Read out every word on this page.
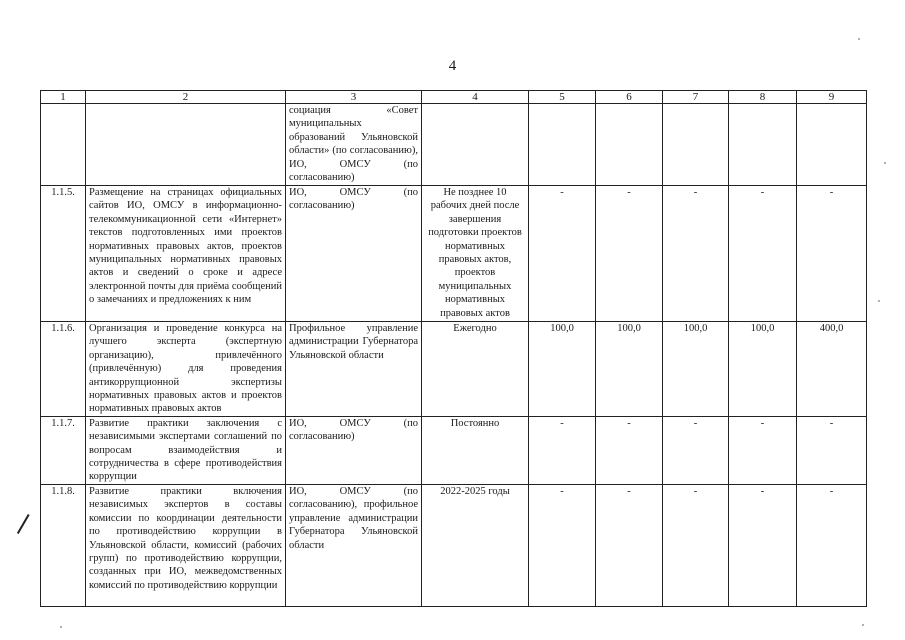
4
1	2	3	4	5	6	7	8	9
		социация «Совет муниципальных образований Ульяновской области» (по согласованию), ИО, ОМСУ (по согласованию)						
1.1.5.	Размещение на страницах официальных сайтов ИО, ОМСУ в информационно-телекоммуникационной сети «Интернет» текстов подготовленных ими проектов нормативных правовых актов, проектов муниципальных нормативных правовых актов и сведений о сроке и адресе электронной почты для приёма сообщений о замечаниях и предложениях к ним	ИО, ОМСУ (по согласованию)	Не позднее 10 рабочих дней после завершения подготовки проектов нормативных правовых актов, проектов муниципальных нормативных правовых актов	-	-	-	-	-
1.1.6.	Организация и проведение конкурса на лучшего эксперта (экспертную организацию), привлечённого (привлечённую) для проведения антикоррупционной экспертизы нормативных правовых актов и проектов нормативных правовых актов	Профильное управление администрации Губернатора Ульяновской области	Ежегодно	100,0	100,0	100,0	100,0	400,0
1.1.7.	Развитие практики заключения с независимыми экспертами соглашений по вопросам взаимодействия и сотрудничества в сфере противодействия коррупции	ИО, ОМСУ (по согласованию)	Постоянно	-	-	-	-	-
1.1.8.	Развитие практики включения независимых экспертов в составы комиссии по координации деятельности по противодействию коррупции в Ульяновской области, комиссий (рабочих групп) по противодействию коррупции, созданных при ИО, межведомственных комиссий по противодействию коррупции	ИО, ОМСУ (по согласованию), профильное управление администрации Губернатора Ульяновской области	2022-2025 годы	-	-	-	-	-
